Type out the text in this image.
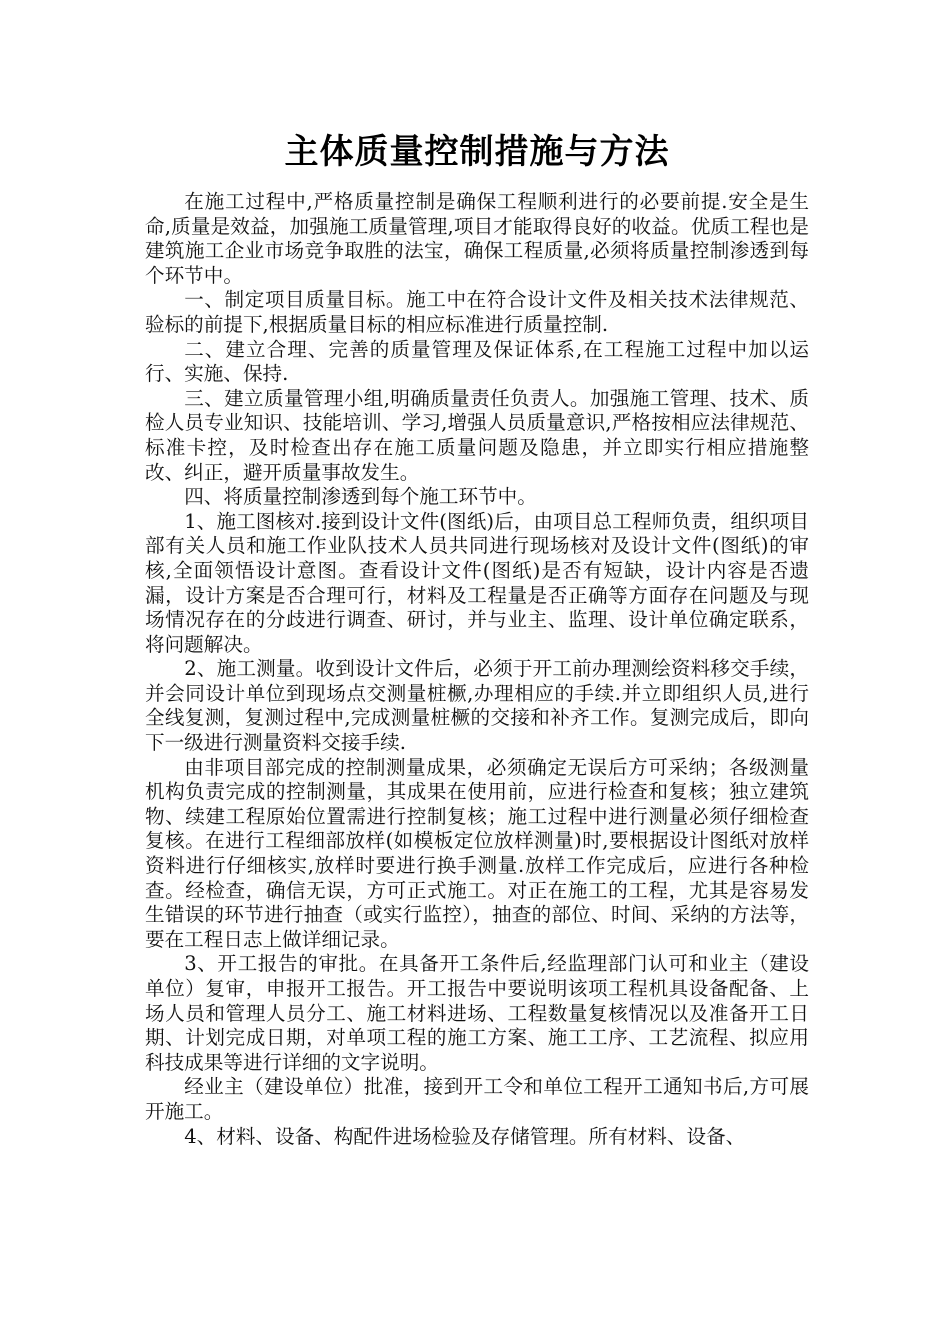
主体质量控制措施与方法

在施工过程中,严格质量控制是确保工程顺利进行的必要前提.安全是生命,质量是效益，加强施工质量管理,项目才能取得良好的收益。优质工程也是建筑施工企业市场竞争取胜的法宝，确保工程质量,必须将质量控制渗透到每个环节中。

一、制定项目质量目标。施工中在符合设计文件及相关技术法律规范、验标的前提下,根据质量目标的相应标准进行质量控制.

二、建立合理、完善的质量管理及保证体系,在工程施工过程中加以运行、实施、保持.

三、建立质量管理小组,明确质量责任负责人。加强施工管理、技术、质检人员专业知识、技能培训、学习,增强人员质量意识,严格按相应法律规范、标准卡控，及时检查出存在施工质量问题及隐患，并立即实行相应措施整改、纠正，避开质量事故发生。

四、将质量控制渗透到每个施工环节中。

1、施工图核对.接到设计文件(图纸)后，由项目总工程师负责，组织项目部有关人员和施工作业队技术人员共同进行现场核对及设计文件(图纸)的审核,全面领悟设计意图。查看设计文件(图纸)是否有短缺，设计内容是否遗漏，设计方案是否合理可行，材料及工程量是否正确等方面存在问题及与现场情况存在的分歧进行调查、研讨，并与业主、监理、设计单位确定联系，将问题解决。

2、施工测量。收到设计文件后，必须于开工前办理测绘资料移交手续，并会同设计单位到现场点交测量桩橛,办理相应的手续.并立即组织人员,进行全线复测，复测过程中,完成测量桩橛的交接和补齐工作。复测完成后，即向下一级进行测量资料交接手续.

由非项目部完成的控制测量成果，必须确定无误后方可采纳；各级测量机构负责完成的控制测量，其成果在使用前，应进行检查和复核；独立建筑物、续建工程原始位置需进行控制复核；施工过程中进行测量必须仔细检查复核。在进行工程细部放样(如模板定位放样测量)时,要根据设计图纸对放样资料进行仔细核实,放样时要进行换手测量.放样工作完成后，应进行各种检查。经检查，确信无误，方可正式施工。对正在施工的工程，尤其是容易发生错误的环节进行抽查（或实行监控），抽查的部位、时间、采纳的方法等，要在工程日志上做详细记录。

3、开工报告的审批。在具备开工条件后,经监理部门认可和业主（建设单位）复审，申报开工报告。开工报告中要说明该项工程机具设备配备、上场人员和管理人员分工、施工材料进场、工程数量复核情况以及准备开工日期、计划完成日期，对单项工程的施工方案、施工工序、工艺流程、拟应用科技成果等进行详细的文字说明。

经业主（建设单位）批准，接到开工令和单位工程开工通知书后,方可展开施工。

4、材料、设备、构配件进场检验及存储管理。所有材料、设备、
